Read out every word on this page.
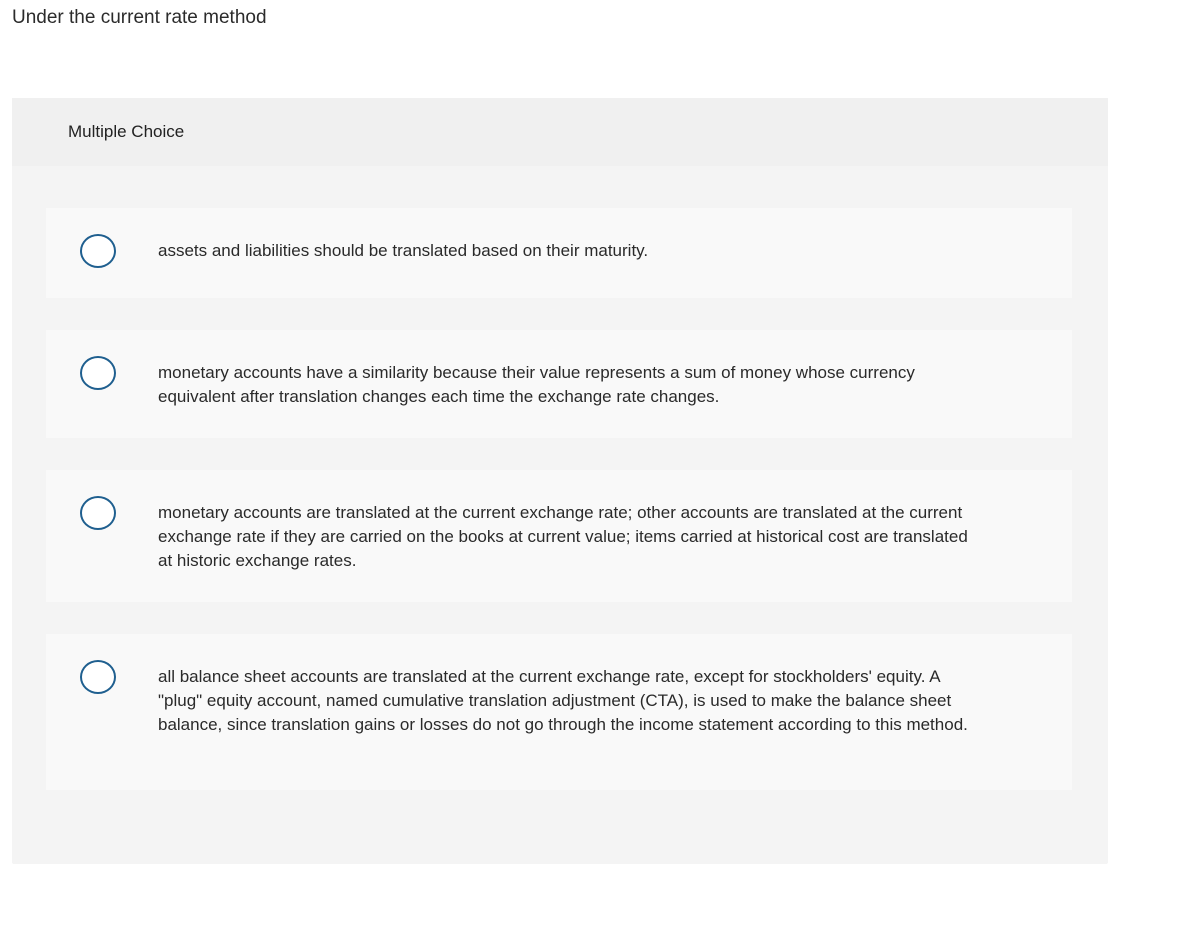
Under the current rate method
Multiple Choice
assets and liabilities should be translated based on their maturity.
monetary accounts have a similarity because their value represents a sum of money whose currency equivalent after translation changes each time the exchange rate changes.
monetary accounts are translated at the current exchange rate; other accounts are translated at the current exchange rate if they are carried on the books at current value; items carried at historical cost are translated at historic exchange rates.
all balance sheet accounts are translated at the current exchange rate, except for stockholders' equity. A "plug" equity account, named cumulative translation adjustment (CTA), is used to make the balance sheet balance, since translation gains or losses do not go through the income statement according to this method.
